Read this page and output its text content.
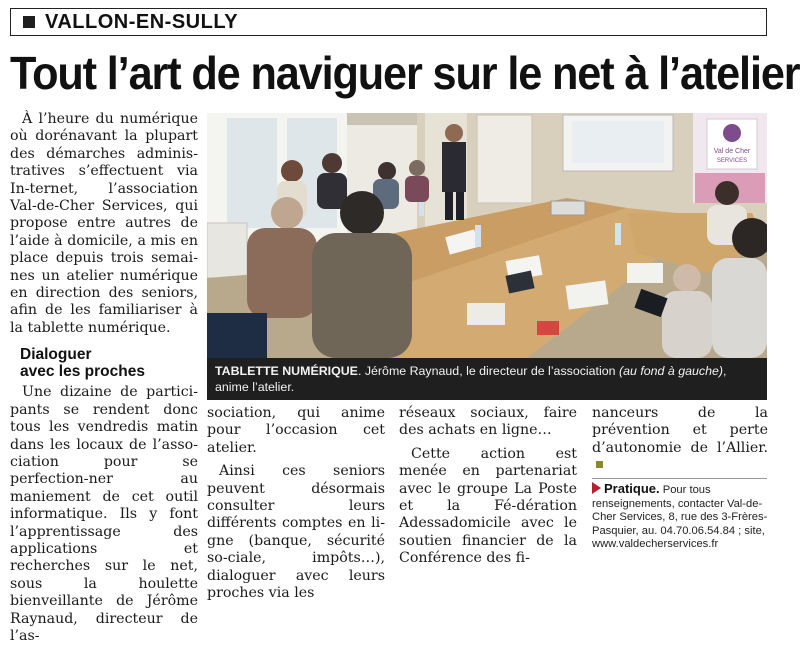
VALLON-EN-SULLY
Tout l’art de naviguer sur le net à l’atelier

À l’heure du numérique où dorénavant la plupart des démarches adminis-tratives s’effectuent via In-ternet, l’association Val-de-Cher Services, qui propose entre autres de l’aide à domicile, a mis en place depuis trois semai-nes un atelier numérique en direction des seniors, afin de les familiariser à la tablette numérique.

Dialoguer
avec les proches

Une dizaine de partici-pants se rendent donc tous les vendredis matin dans les locaux de l’asso-ciation pour se perfection-ner au maniement de cet outil informatique. Ils y font l’apprentissage des applications et recherches sur le net, sous la houlette bienveillante de Jérôme Raynaud, directeur de l’as-

Val de Cher
SERVICES
TABLETTE NUMÉRIQUE. Jérôme Raynaud, le directeur de l’association (au fond à gauche), anime l’atelier.

sociation, qui anime pour l’occasion cet atelier.

Ainsi ces seniors peuvent	désormais consulter leurs différents comptes en li-gne (banque, sécurité so-ciale, impôts…), dialoguer avec leurs proches via les

réseaux sociaux, faire des achats en ligne…

Cette action est menée en partenariat avec le groupe La Poste et la Fé-dération Adessadomicile avec le soutien financier de la Conférence des fi-

nanceurs de la prévention et perte d’autonomie de l’Allier.

Pratique. Pour tous renseignements, contacter Val-de-Cher Services, 8, rue des 3-Frères-Pasquier, au. 04.70.06.54.84 ; site, www.valdecherservices.fr
